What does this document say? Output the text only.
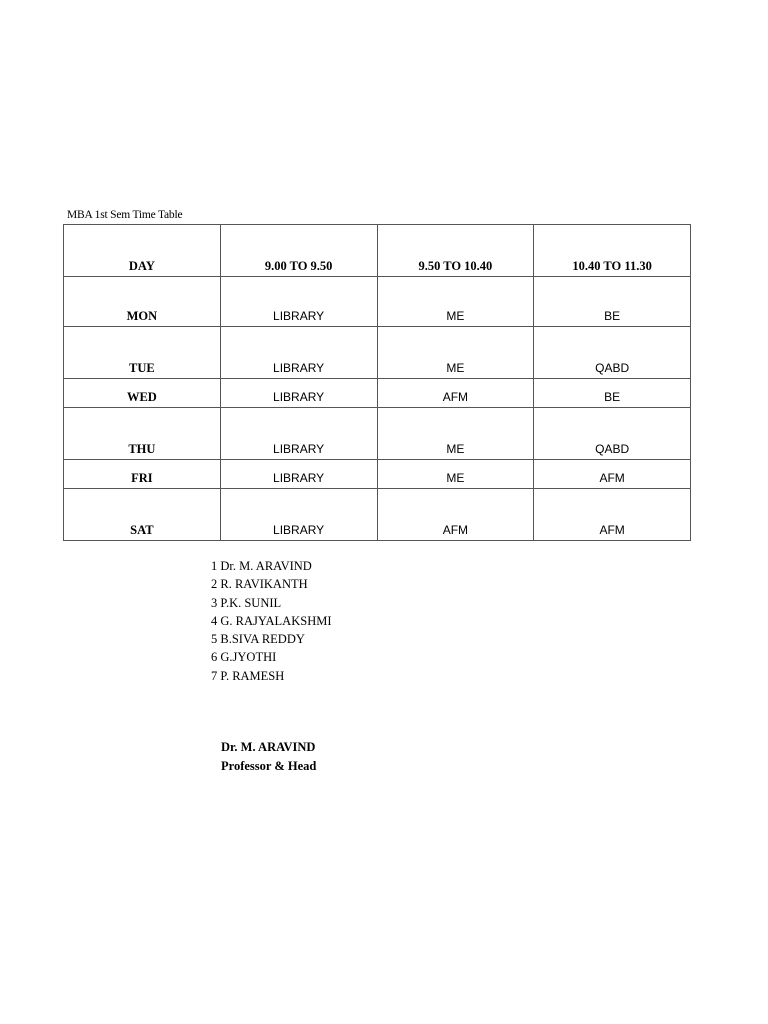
MBA 1st Sem Time Table
DAY	9.00 TO 9.50	9.50 TO 10.40	10.40 TO 11.30
MON	LIBRARY	ME	BE
TUE	LIBRARY	ME	QABD
WED	LIBRARY	AFM	BE
THU	LIBRARY	ME	QABD
FRI	LIBRARY	ME	AFM
SAT	LIBRARY	AFM	AFM
1 Dr. M. ARAVIND
2 R. RAVIKANTH
3 P.K. SUNIL
4 G. RAJYALAKSHMI
5 B.SIVA REDDY
6 G.JYOTHI
7 P. RAMESH
Dr. M. ARAVIND
Professor & Head
